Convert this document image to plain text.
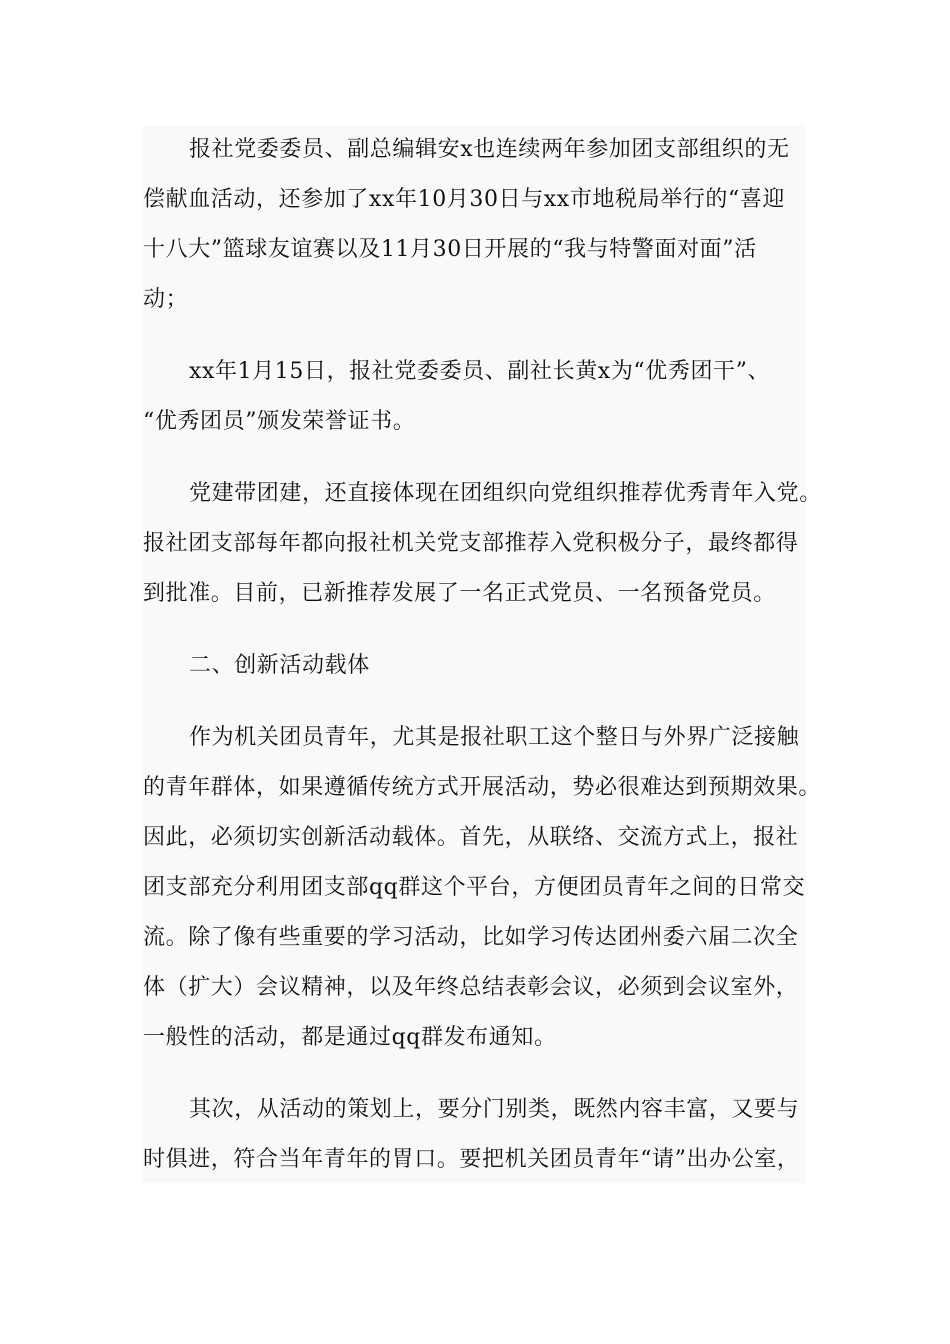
报社党委委员、副总编辑安x也连续两年参加团支部组织的无
偿献血活动，还参加了xx年10月30日与xx市地税局举行的“喜迎
十八大”篮球友谊赛以及11月30日开展的“我与特警面对面”活
动；
xx年1月15日，报社党委委员、副社长黄x为“优秀团干”、
“优秀团员”颁发荣誉证书。
党建带团建，还直接体现在团组织向党组织推荐优秀青年入党。
报社团支部每年都向报社机关党支部推荐入党积极分子，最终都得
到批准。目前，已新推荐发展了一名正式党员、一名预备党员。
二、创新活动载体
作为机关团员青年，尤其是报社职工这个整日与外界广泛接触
的青年群体，如果遵循传统方式开展活动，势必很难达到预期效果。
因此，必须切实创新活动载体。首先，从联络、交流方式上，报社
团支部充分利用团支部qq群这个平台，方便团员青年之间的日常交
流。除了像有些重要的学习活动，比如学习传达团州委六届二次全
体（扩大）会议精神，以及年终总结表彰会议，必须到会议室外，
一般性的活动，都是通过qq群发布通知。
其次，从活动的策划上，要分门别类，既然内容丰富，又要与
时俱进，符合当年青年的胃口。要把机关团员青年“请”出办公室，
